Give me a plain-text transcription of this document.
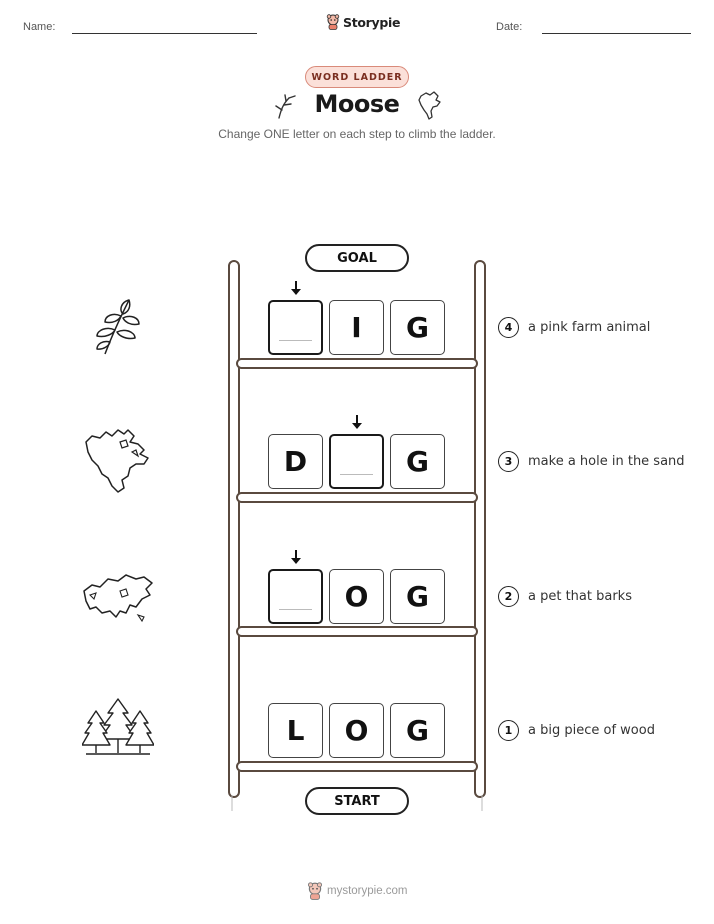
Name:	Storypie	Date:
WORD LADDER
Moose
Change ONE letter on each step to climb the ladder.
GOAL
START
I	G	4	a pink farm animal
D	G	3	make a hole in the sand
O	G	2	a pet that barks
L	O	G	1	a big piece of wood
mystorypie.com
